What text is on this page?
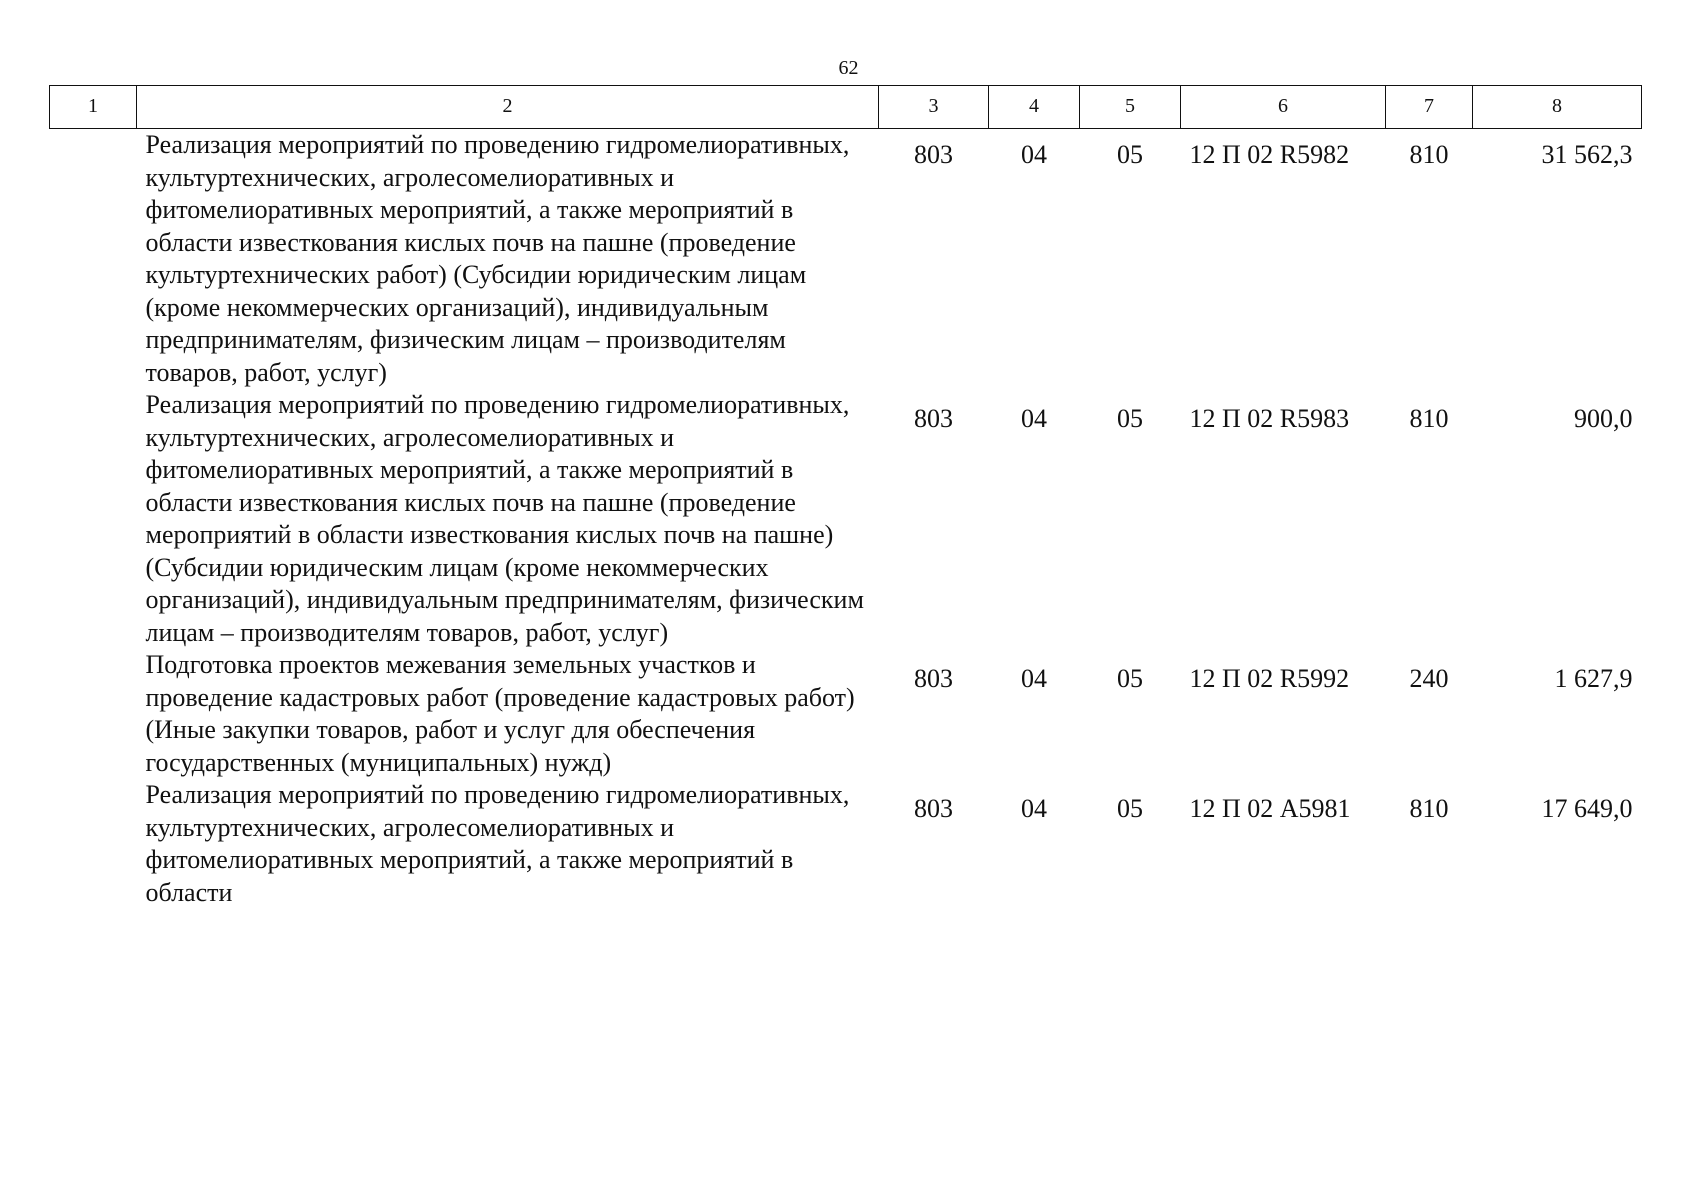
62
1	2	3	4	5	6	7	8
	Реализация мероприятий по проведению гидромелиоративных, культуртехнических, агролесомелиоративных и фитомелиоративных мероприятий, а также мероприятий в области известкования кислых почв на пашне (проведение культуртехнических работ) (Субсидии юридическим лицам (кроме некоммерческих организаций), индивидуальным предпринимателям, физическим лицам – производителям товаров, работ, услуг)	803	04	05	12 П 02 R5982	810	31 562,3
	Реализация мероприятий по проведению гидромелиоративных, культуртехнических, агролесомелиоративных и фитомелиоративных мероприятий, а также мероприятий в области известкования кислых почв на пашне (проведение мероприятий в области известкования кислых почв на пашне) (Субсидии юридическим лицам (кроме некоммерческих организаций), индивидуальным предпринимателям, физическим лицам – производителям товаров, работ, услуг)	803	04	05	12 П 02 R5983	810	900,0
	Подготовка проектов межевания земельных участков и проведение кадастровых работ (проведение кадастровых работ) (Иные закупки товаров, работ и услуг для обеспечения государственных (муниципальных) нужд)	803	04	05	12 П 02 R5992	240	1 627,9
	Реализация мероприятий по проведению гидромелиоративных, культуртехнических, агролесомелиоративных и фитомелиоративных мероприятий, а также мероприятий в области	803	04	05	12 П 02 А5981	810	17 649,0
